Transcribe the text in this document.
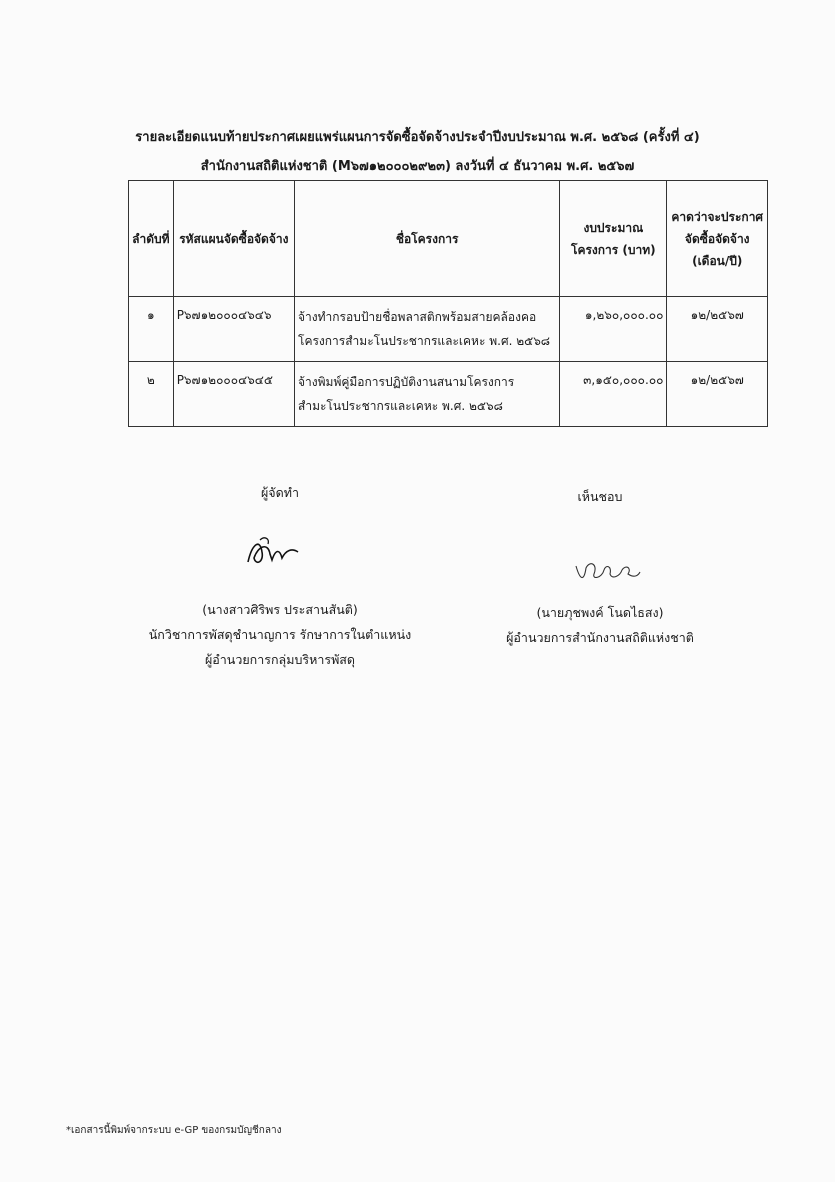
รายละเอียดแนบท้ายประกาศเผยแพร่แผนการจัดซื้อจัดจ้างประจำปีงบประมาณ พ.ศ. ๒๕๖๘ (ครั้งที่ ๔)
สำนักงานสถิติแห่งชาติ (M๖๗๑๒๐๐๐๒๙๒๓) ลงวันที่ ๔ ธันวาคม พ.ศ. ๒๕๖๗
ลำดับที่	รหัสแผนจัดซื้อจัดจ้าง	ชื่อโครงการ	งบประมาณโครงการ (บาท)	คาดว่าจะประกาศจัดซื้อจัดจ้าง (เดือน/ปี)
๑	P๖๗๑๒๐๐๐๔๖๔๖	จ้างทำกรอบป้ายชื่อพลาสติกพร้อมสายคล้องคอโครงการสำมะโนประชากรและเคหะ พ.ศ. ๒๕๖๘	๑,๒๖๐,๐๐๐.๐๐	๑๒/๒๕๖๗
๒	P๖๗๑๒๐๐๐๔๖๔๕	จ้างพิมพ์คู่มือการปฏิบัติงานสนามโครงการสำมะโนประชากรและเคหะ พ.ศ. ๒๕๖๘	๓,๑๕๐,๐๐๐.๐๐	๑๒/๒๕๖๗
ผู้จัดทำ	เห็นชอบ
(นางสาวศิริพร ประสานสันติ)
นักวิชาการพัสดุชำนาญการ รักษาการในตำแหน่ง
ผู้อำนวยการกลุ่มบริหารพัสดุ
(นายภุชพงค์ โนดไธสง)
ผู้อำนวยการสำนักงานสถิติแห่งชาติ
*เอกสารนี้พิมพ์จากระบบ e-GP ของกรมบัญชีกลาง
